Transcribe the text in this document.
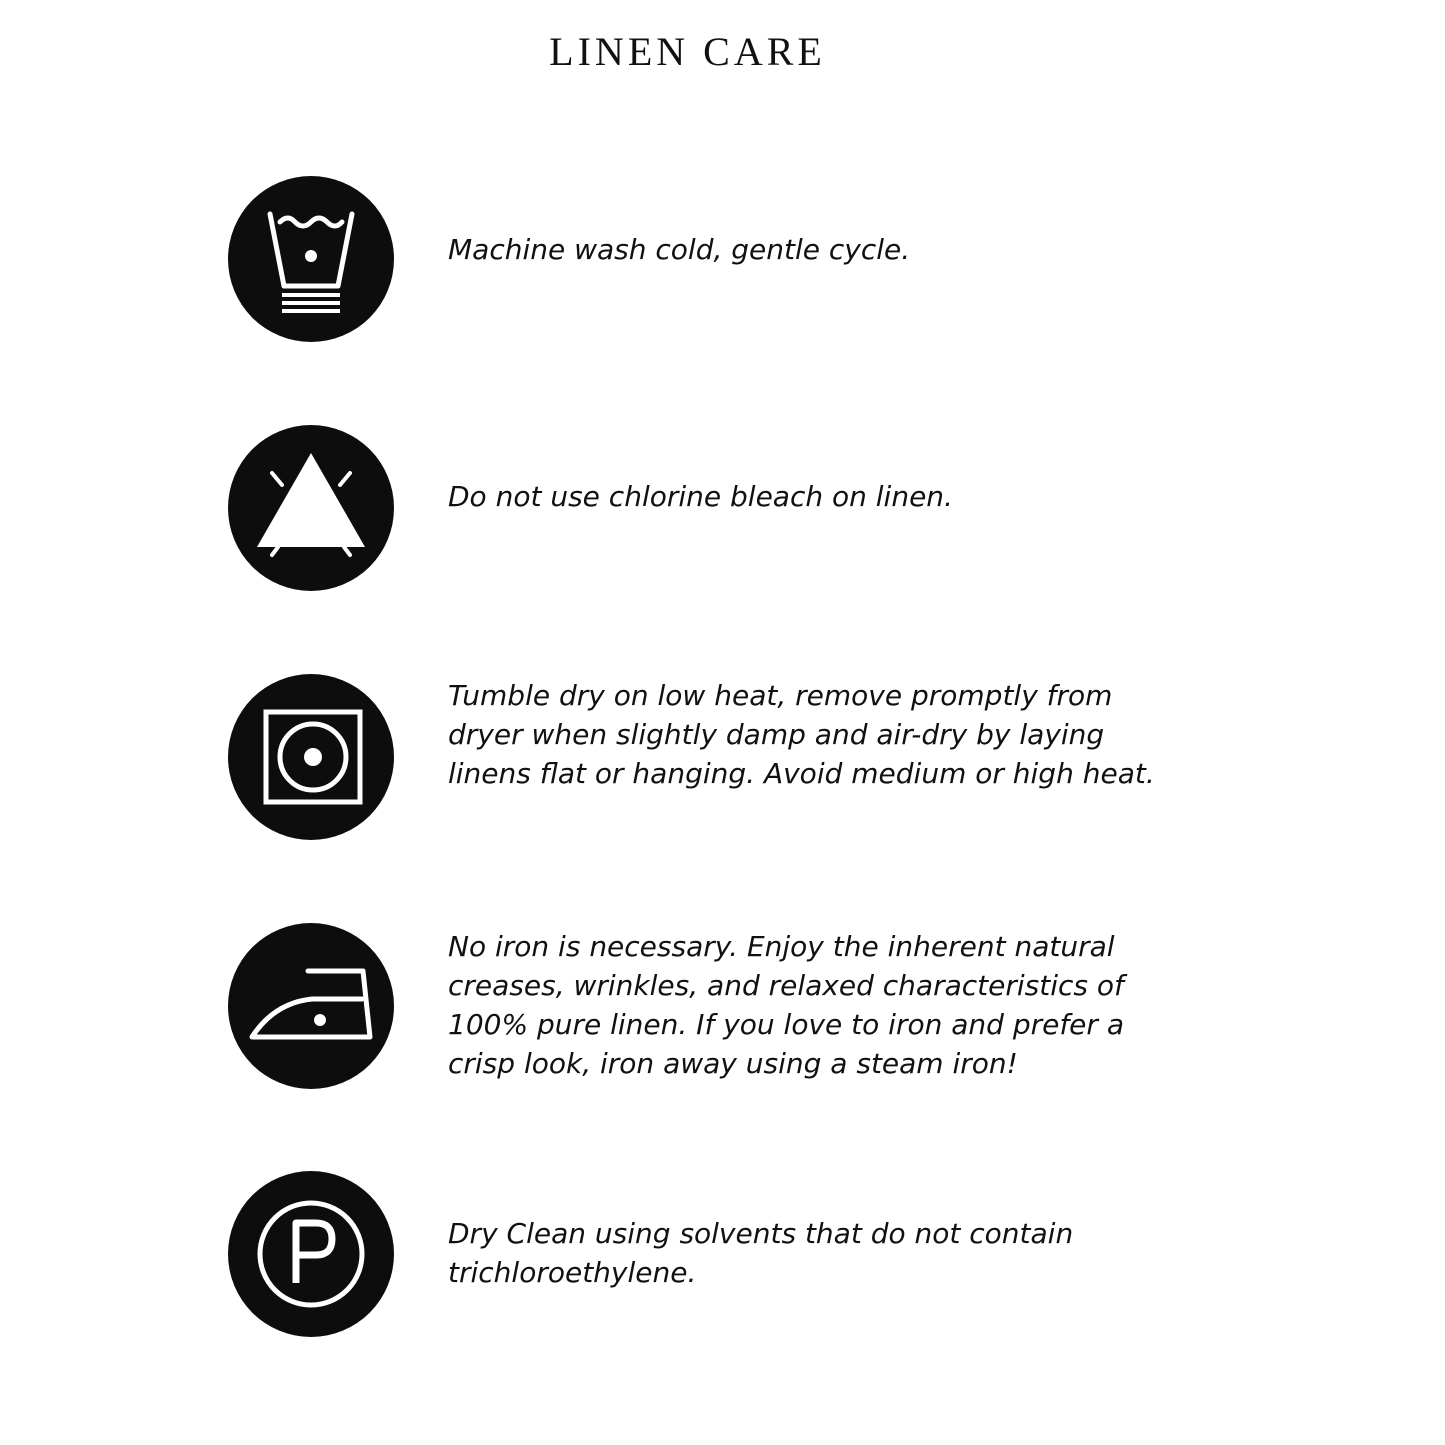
LINEN CARE

Machine wash cold, gentle cycle.

Do not use chlorine bleach on linen.

Tumble dry on low heat, remove promptly from dryer when slightly damp and air-dry by laying linens flat or hanging. Avoid medium or high heat.

No iron is necessary. Enjoy the inherent natural creases, wrinkles, and relaxed characteristics of 100% pure linen. If you love to iron and prefer a crisp look, iron away using a steam iron!

Dry Clean using solvents that do not contain trichloroethylene.
